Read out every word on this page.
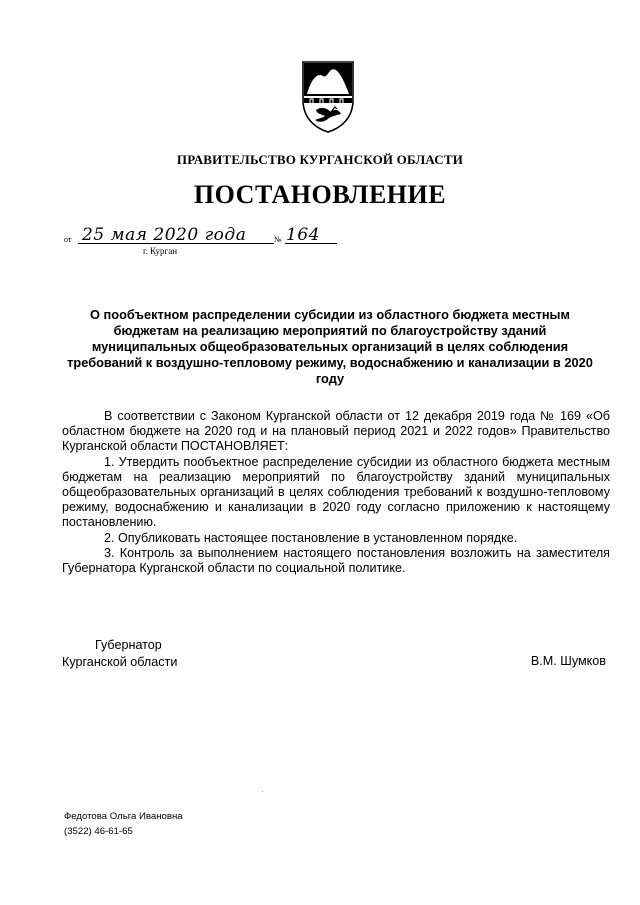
ПРАВИТЕЛЬСТВО КУРГАНСКОЙ ОБЛАСТИ
ПОСТАНОВЛЕНИЕ
от 25 мая 2020 года	№ 164
г. Курган
О пообъектном распределении субсидии из областного бюджета местным бюджетам на реализацию мероприятий по благоустройству зданий муниципальных общеобразовательных организаций в целях соблюдения требований к воздушно-тепловому режиму, водоснабжению и канализации в 2020 году

В соответствии с Законом Курганской области от 12 декабря 2019 года № 169 «Об областном бюджете на 2020 год и на плановый период 2021 и 2022 годов» Правительство Курганской области ПОСТАНОВЛЯЕТ:

1. Утвердить пообъектное распределение субсидии из областного бюджета местным бюджетам на реализацию мероприятий по благоустройству зданий муниципальных общеобразовательных организаций в целях соблюдения требований к воздушно-тепловому режиму, водоснабжению и канализации в 2020 году согласно приложению к настоящему постановлению.

2. Опубликовать настоящее постановление в установленном порядке.

3. Контроль за выполнением настоящего постановления возложить на заместителя Губернатора Курганской области по социальной политике.

Губернатор
Курганской области	В.М. Шумков
Федотова Ольга Ивановна
(3522) 46-61-65
